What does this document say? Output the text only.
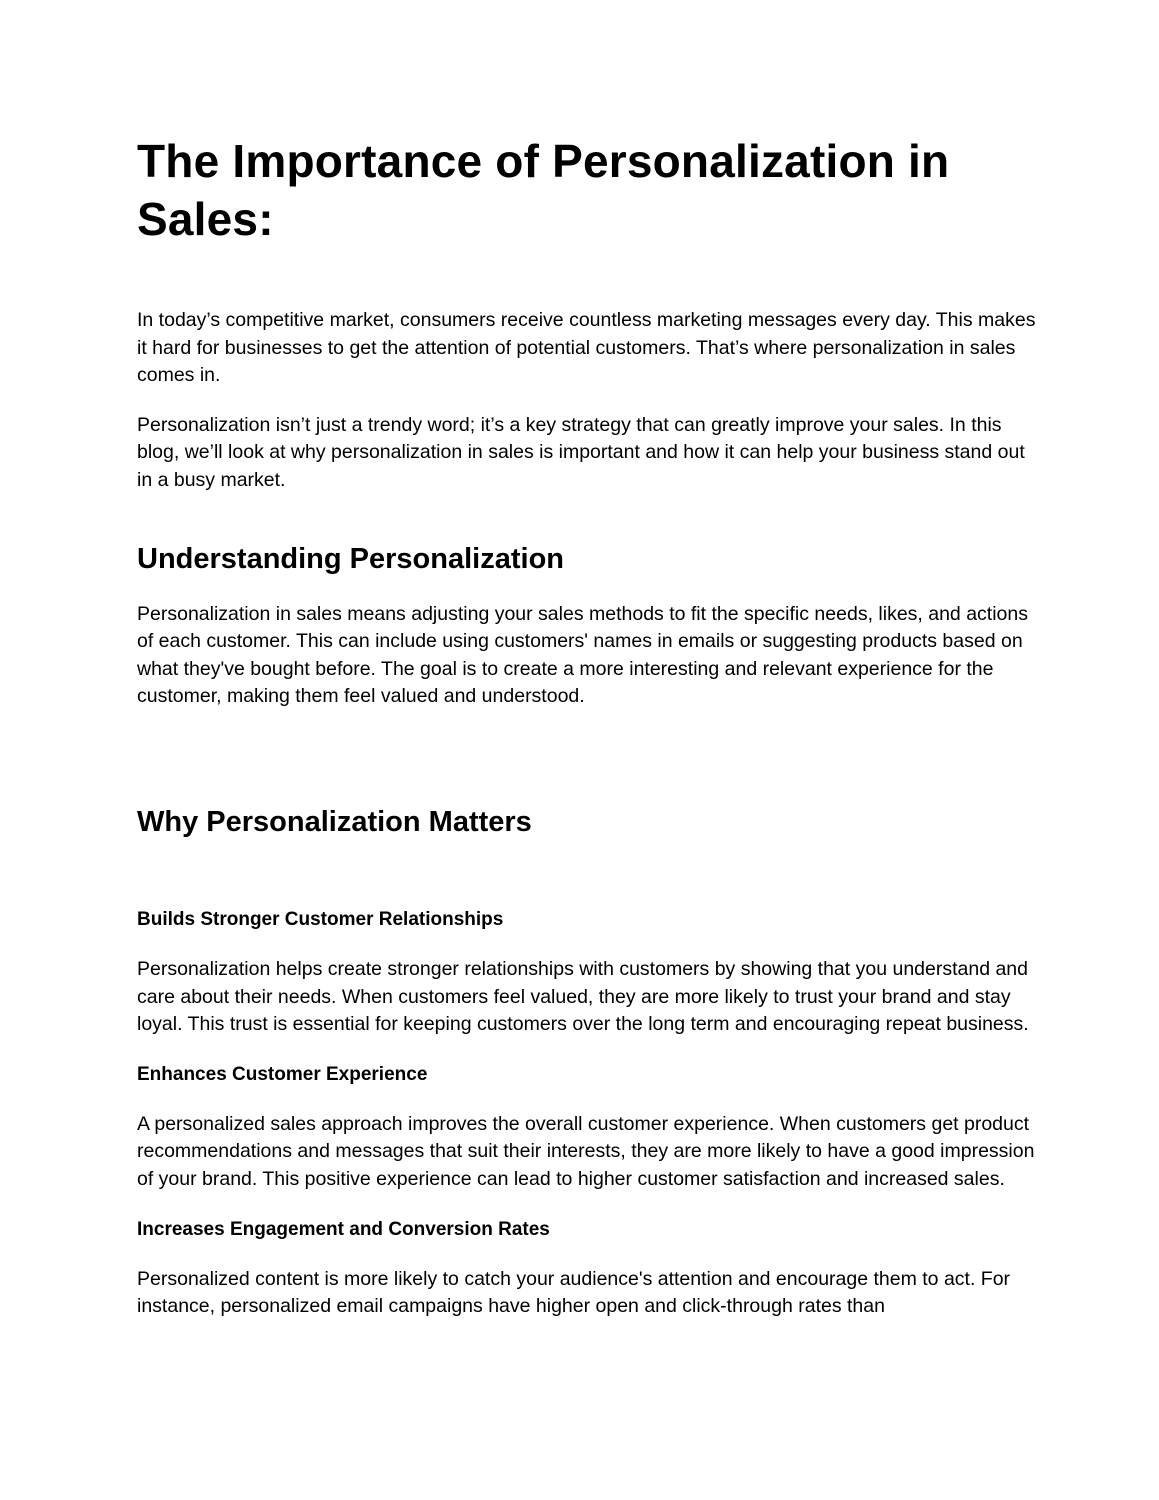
The Importance of Personalization in Sales:

In today’s competitive market, consumers receive countless marketing messages every day. This makes it hard for businesses to get the attention of potential customers. That’s where personalization in sales comes in.

Personalization isn’t just a trendy word; it’s a key strategy that can greatly improve your sales. In this blog, we’ll look at why personalization in sales is important and how it can help your business stand out in a busy market.

Understanding Personalization

Personalization in sales means adjusting your sales methods to fit the specific needs, likes, and actions of each customer. This can include using customers' names in emails or suggesting products based on what they've bought before. The goal is to create a more interesting and relevant experience for the customer, making them feel valued and understood.

Why Personalization Matters
Builds Stronger Customer Relationships

Personalization helps create stronger relationships with customers by showing that you understand and care about their needs. When customers feel valued, they are more likely to trust your brand and stay loyal. This trust is essential for keeping customers over the long term and encouraging repeat business.

Enhances Customer Experience

A personalized sales approach improves the overall customer experience. When customers get product recommendations and messages that suit their interests, they are more likely to have a good impression of your brand. This positive experience can lead to higher customer satisfaction and increased sales.

Increases Engagement and Conversion Rates

Personalized content is more likely to catch your audience's attention and encourage them to act. For instance, personalized email campaigns have higher open and click-through rates than
